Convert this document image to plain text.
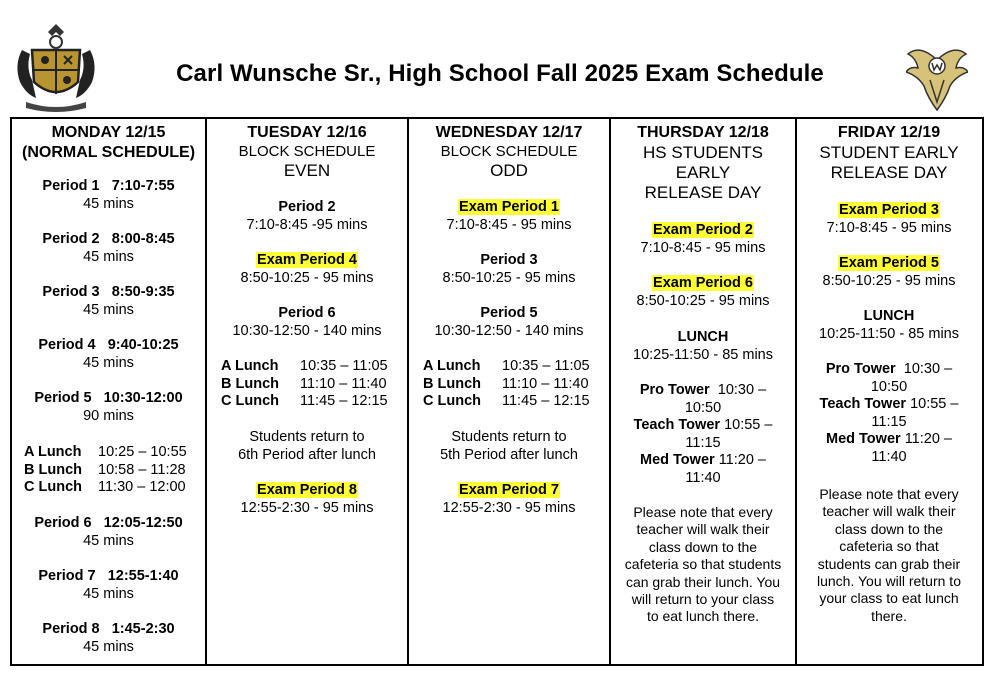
Carl Wunsche Sr., High School Fall 2025 Exam Schedule
MONDAY 12/15
(NORMAL SCHEDULE)
Period 1 7:10-7:55
45 mins
Period 2 8:00-8:45
45 mins
Period 3 8:50-9:35
45 mins
Period 4 9:40-10:25
45 mins
Period 5 10:30-12:00
90 mins
A Lunch	10:25 – 10:55
B Lunch	10:58 – 11:28
C Lunch	11:30 – 12:00
Period 6 12:05-12:50
45 mins
Period 7 12:55-1:40
45 mins
Period 8 1:45-2:30
45 mins
TUESDAY 12/16
BLOCK SCHEDULE
EVEN
Period 2
7:10-8:45 -95 mins
Exam Period 4
8:50-10:25 - 95 mins
Period 6
10:30-12:50 - 140 mins
A Lunch	10:35 – 11:05
B Lunch	11:10 – 11:40
C Lunch	11:45 – 12:15
Students return to
6th Period after lunch
Exam Period 8
12:55-2:30 - 95 mins
WEDNESDAY 12/17
BLOCK SCHEDULE
ODD
Exam Period 1
7:10-8:45 - 95 mins
Period 3
8:50-10:25 - 95 mins
Period 5
10:30-12:50 - 140 mins
A Lunch	10:35 – 11:05
B Lunch	11:10 – 11:40
C Lunch	11:45 – 12:15
Students return to
5th Period after lunch
Exam Period 7
12:55-2:30 - 95 mins
THURSDAY 12/18
HS STUDENTS
EARLY
RELEASE DAY
Exam Period 2
7:10-8:45 - 95 mins
Exam Period 6
8:50-10:25 - 95 mins
LUNCH
10:25-11:50 - 85 mins
Pro Tower 10:30 –
10:50
Teach Tower 10:55 –
11:15
Med Tower 11:20 –
11:40
Please note that every
teacher will walk their
class down to the
cafeteria so that students
can grab their lunch. You
will return to your class
to eat lunch there.
FRIDAY 12/19
STUDENT EARLY
RELEASE DAY
Exam Period 3
7:10-8:45 - 95 mins
Exam Period 5
8:50-10:25 - 95 mins
LUNCH
10:25-11:50 - 85 mins
Pro Tower 10:30 –
10:50
Teach Tower 10:55 –
11:15
Med Tower 11:20 –
11:40
Please note that every
teacher will walk their
class down to the
cafeteria so that
students can grab their
lunch. You will return to
your class to eat lunch
there.
